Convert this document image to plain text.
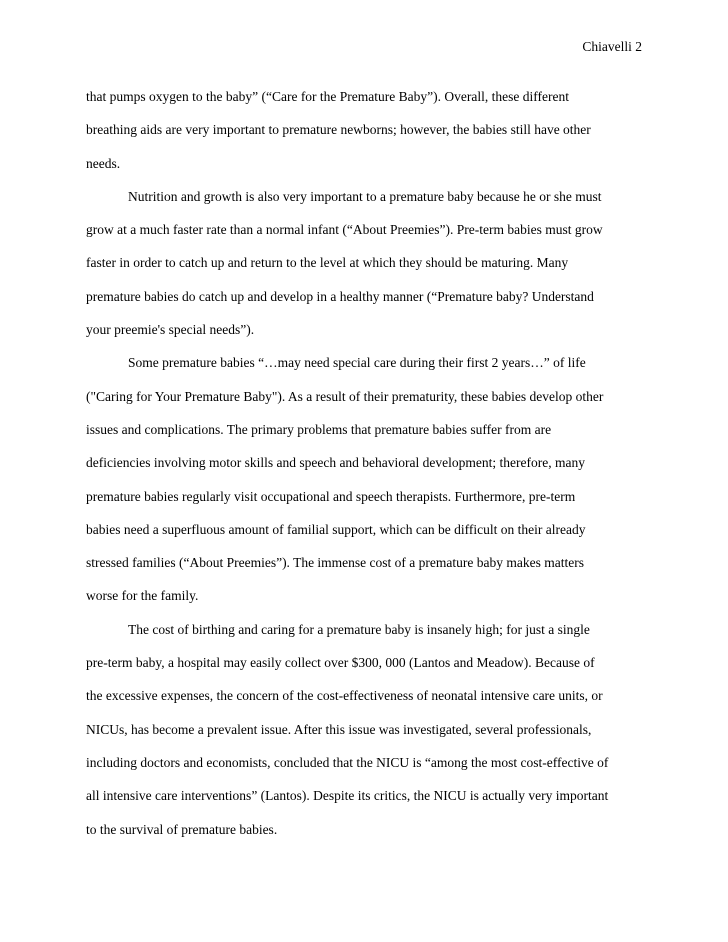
Chiavelli 2
that pumps oxygen to the baby” (“Care for the Premature Baby”). Overall, these different
breathing aids are very important to premature newborns; however, the babies still have other
needs.
Nutrition and growth is also very important to a premature baby because he or she must
grow at a much faster rate than a normal infant (“About Preemies”). Pre-term babies must grow
faster in order to catch up and return to the level at which they should be maturing. Many
premature babies do catch up and develop in a healthy manner (“Premature baby? Understand
your preemie's special needs”).
Some premature babies “…may need special care during their first 2 years…” of life
("Caring for Your Premature Baby"). As a result of their prematurity, these babies develop other
issues and complications. The primary problems that premature babies suffer from are
deficiencies involving motor skills and speech and behavioral development; therefore, many
premature babies regularly visit occupational and speech therapists. Furthermore, pre-term
babies need a superfluous amount of familial support, which can be difficult on their already
stressed families (“About Preemies”). The immense cost of a premature baby makes matters
worse for the family.
The cost of birthing and caring for a premature baby is insanely high; for just a single
pre-term baby, a hospital may easily collect over $300, 000 (Lantos and Meadow). Because of
the excessive expenses, the concern of the cost-effectiveness of neonatal intensive care units, or
NICUs, has become a prevalent issue. After this issue was investigated, several professionals,
including doctors and economists, concluded that the NICU is “among the most cost-effective of
all intensive care interventions” (Lantos). Despite its critics, the NICU is actually very important
to the survival of premature babies.
